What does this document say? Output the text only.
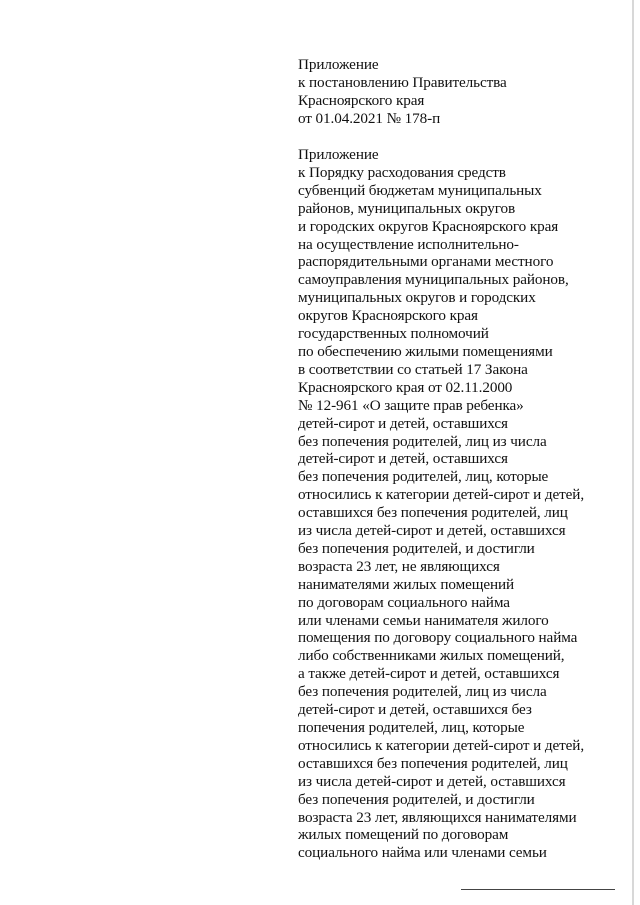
Приложение
к постановлению Правительства
Красноярского края
от 01.04.2021 № 178-п
Приложение
к Порядку расходования средств
субвенций бюджетам муниципальных
районов, муниципальных округов
и городских округов Красноярского края
на осуществление исполнительно-
распорядительными органами местного
самоуправления муниципальных районов,
муниципальных округов и городских
округов Красноярского края
государственных полномочий
по обеспечению жилыми помещениями
в соответствии со статьей 17 Закона
Красноярского края от 02.11.2000
№ 12-961 «О защите прав ребенка»
детей-сирот и детей, оставшихся
без попечения родителей, лиц из числа
детей-сирот и детей, оставшихся
без попечения родителей, лиц, которые
относились к категории детей-сирот и детей,
оставшихся без попечения родителей, лиц
из числа детей-сирот и детей, оставшихся
без попечения родителей, и достигли
возраста 23 лет, не являющихся
нанимателями жилых помещений
по договорам социального найма
или членами семьи нанимателя жилого
помещения по договору социального найма
либо собственниками жилых помещений,
а также детей-сирот и детей, оставшихся
без попечения родителей, лиц из числа
детей-сирот и детей, оставшихся без
попечения родителей, лиц, которые
относились к категории детей-сирот и детей,
оставшихся без попечения родителей, лиц
из числа детей-сирот и детей, оставшихся
без попечения родителей, и достигли
возраста 23 лет, являющихся нанимателями
жилых помещений по договорам
социального найма или членами семьи
